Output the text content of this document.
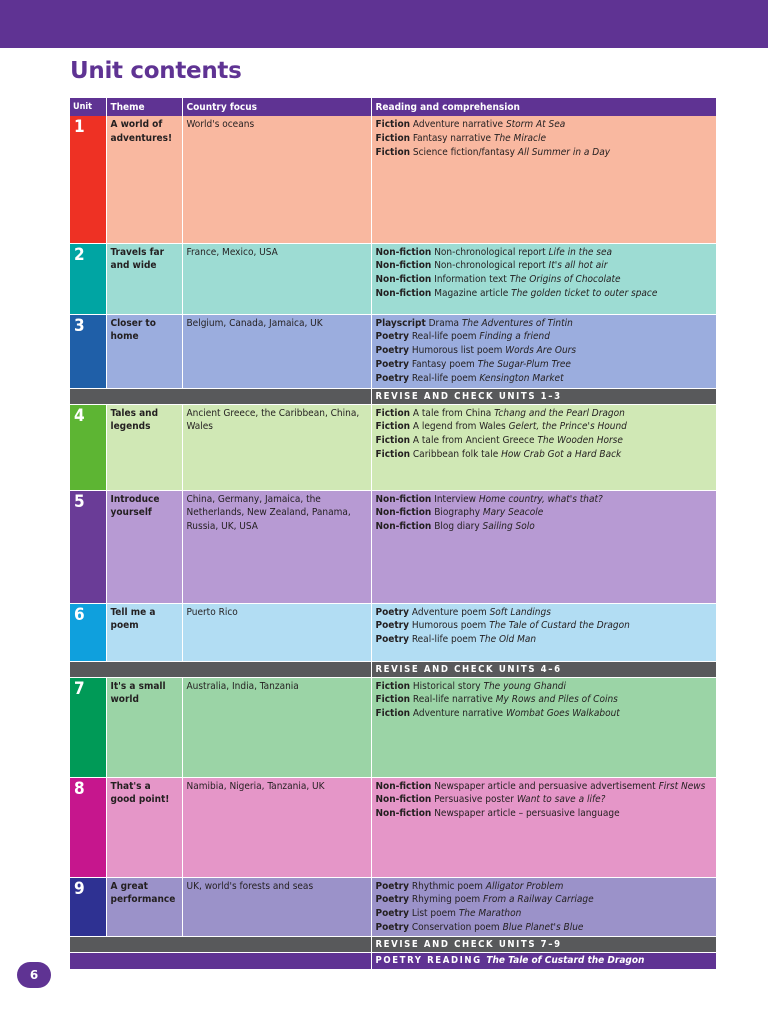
Unit contents
Unit	Theme	Country focus	Reading and comprehension
1	A world of adventures!	World's oceans	Fiction Adventure narrative Storm At Sea
Fiction Fantasy narrative The Miracle
Fiction Science fiction/fantasy All Summer in a Day

2	Travels far and wide	France, Mexico, USA	Non-fiction Non-chronological report Life in the sea
Non-fiction Non-chronological report It's all hot air
Non-fiction Information text The Origins of Chocolate
Non-fiction Magazine article The golden ticket to outer space

3	Closer to home	Belgium, Canada, Jamaica, UK	Playscript Drama The Adventures of Tintin
Poetry Real-life poem Finding a friend
Poetry Humorous list poem Words Are Ours
Poetry Fantasy poem The Sugar-Plum Tree
Poetry Real-life poem Kensington Market

			REVISE AND CHECK UNITS 1–3
4	Tales and legends	Ancient Greece, the Caribbean, China, Wales	Fiction A tale from China Tchang and the Pearl Dragon
Fiction A legend from Wales Gelert, the Prince's Hound
Fiction A tale from Ancient Greece The Wooden Horse
Fiction Caribbean folk tale How Crab Got a Hard Back

5	Introduce yourself	China, Germany, Jamaica, the Netherlands, New Zealand, Panama, Russia, UK, USA	Non-fiction Interview Home country, what's that?
Non-fiction Biography Mary Seacole
Non-fiction Blog diary Sailing Solo

6	Tell me a poem	Puerto Rico	Poetry Adventure poem Soft Landings
Poetry Humorous poem The Tale of Custard the Dragon
Poetry Real-life poem The Old Man

			REVISE AND CHECK UNITS 4–6
7	It's a small world	Australia, India, Tanzania	Fiction Historical story The young Ghandi
Fiction Real-life narrative My Rows and Piles of Coins
Fiction Adventure narrative Wombat Goes Walkabout

8	That's a good point!	Namibia, Nigeria, Tanzania, UK	Non-fiction Newspaper article and persuasive advertisement First News
Non-fiction Persuasive poster Want to save a life?
Non-fiction Newspaper article – persuasive language

9	A great performance	UK, world's forests and seas	Poetry Rhythmic poem Alligator Problem
Poetry Rhyming poem From a Railway Carriage
Poetry List poem The Marathon
Poetry Conservation poem Blue Planet's Blue

			REVISE AND CHECK UNITS 7–9
			POETRY READING The Tale of Custard the Dragon
6
